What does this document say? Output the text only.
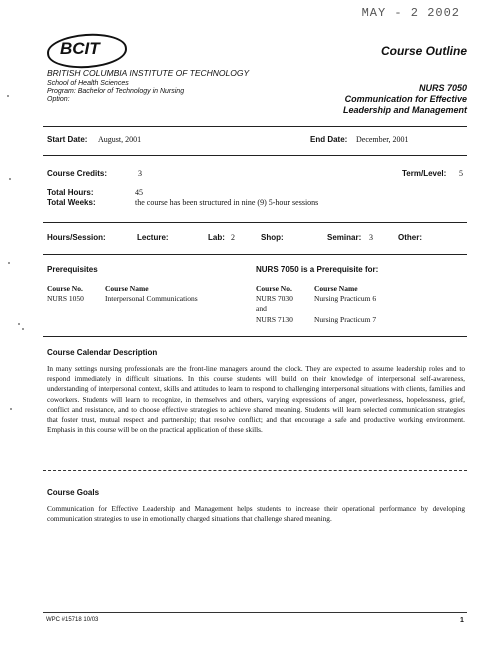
MAY - 2 2002
BCIT
BRITISH COLUMBIA INSTITUTE OF TECHNOLOGY
School of Health Sciences
Program: Bachelor of Technology in Nursing
Option:
Course Outline
NURS 7050
Communication for Effective
Leadership and Management
Start Date: August, 2001	End Date: December, 2001
Course Credits:	3	Term/Level: 5
Total Hours:	45
Total Weeks:	the course has been structured in nine (9) 5-hour sessions
Hours/Session:	Lecture:	Lab: 2	Shop:	Seminar: 3	Other:
Prerequisites
Course No.	Course Name
NURS 1050	Interpersonal Communications
NURS 7050 is a Prerequisite for:
Course No.	Course Name
NURS 7030	Nursing Practicum 6
and
NURS 7130	Nursing Practicum 7
Course Calendar Description
In many settings nursing professionals are the front-line managers around the clock. They are expected to assume leadership roles and to respond immediately in difficult situations. In this course students will build on their knowledge of interpersonal self-awareness, understanding of interpersonal context, skills and attitudes to learn to respond to challenging interpersonal situations with clients, families and coworkers. Students will learn to recognize, in themselves and others, varying expressions of anger, powerlessness, hopelessness, grief, conflict and resistance, and to choose effective strategies to achieve shared meaning. Students will learn selected communication strategies that foster trust, mutual respect and partnership; that resolve conflict; and that encourage a safe and productive working environment. Emphasis in this course will be on the practical application of these skills.
Course Goals
Communication for Effective Leadership and Management helps students to increase their operational performance by developing communication strategies to use in emotionally charged situations that challenge shared meaning.
WPC #15718 10/03	1
